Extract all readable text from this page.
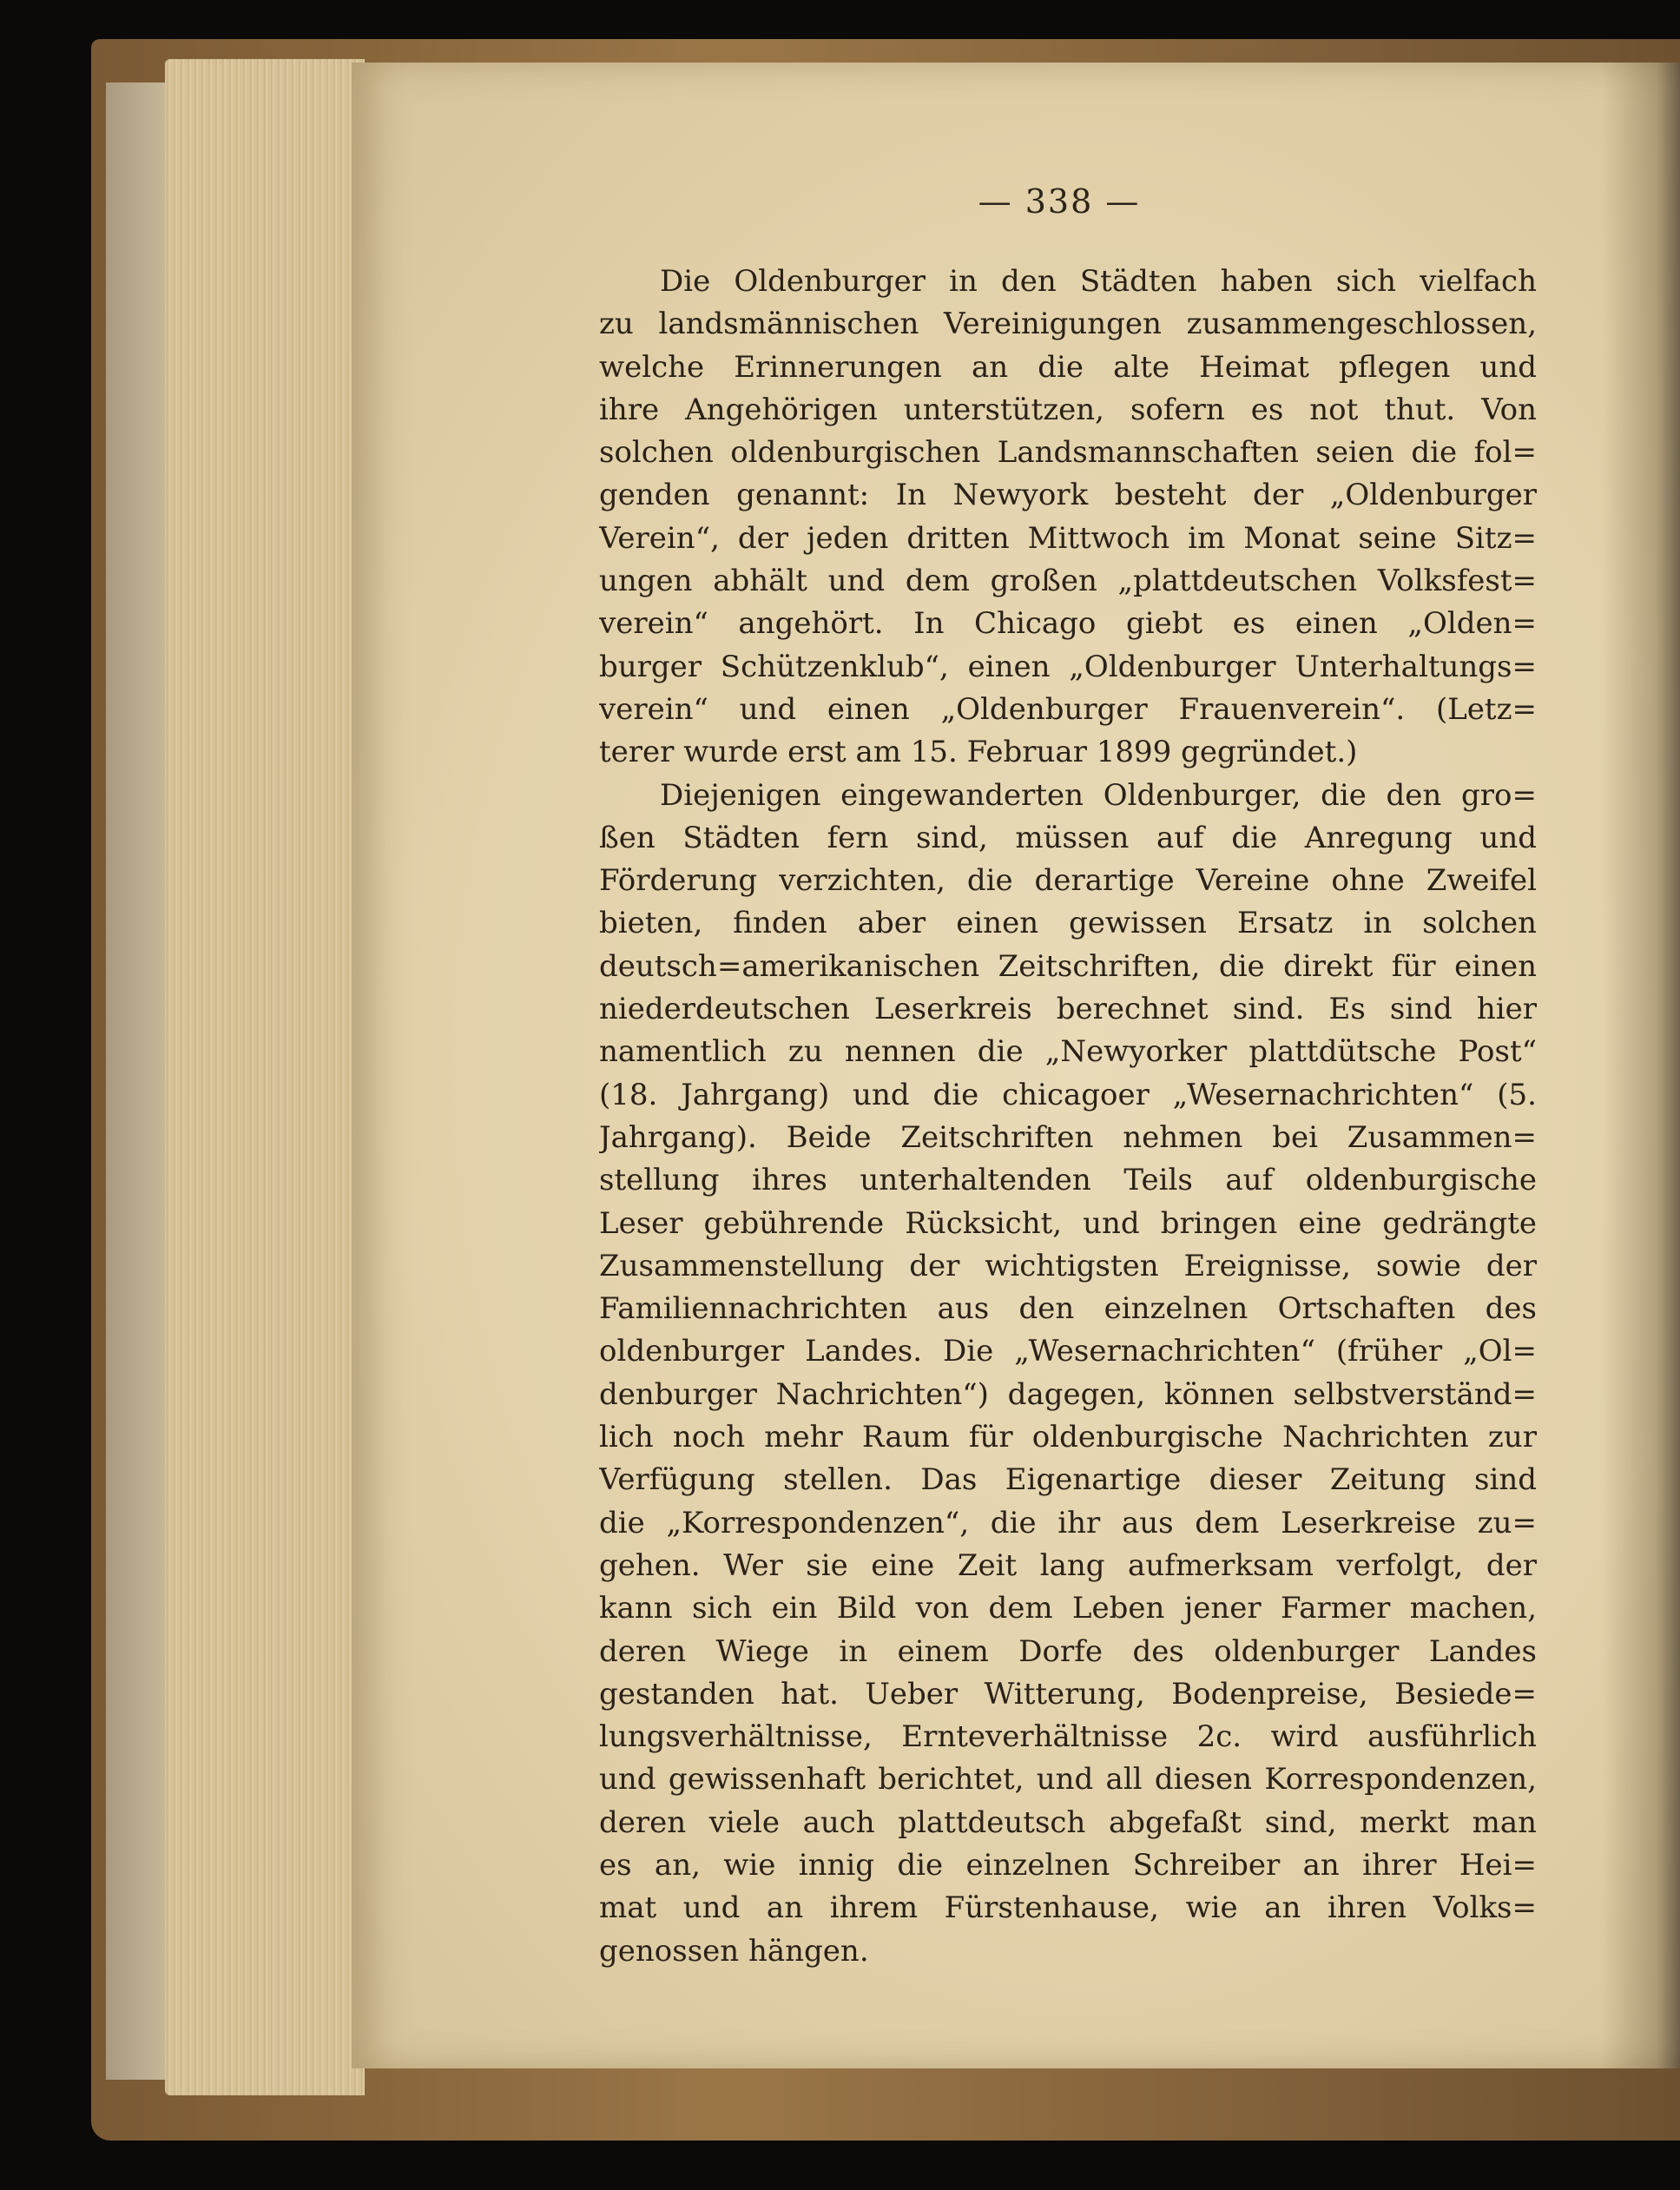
— 338 —
Die Oldenburger in den Städten haben sich vielfach
zu landsmännischen Vereinigungen zusammengeschlossen,
welche Erinnerungen an die alte Heimat pflegen und
ihre Angehörigen unterstützen, sofern es not thut. Von
solchen oldenburgischen Landsmannschaften seien die fol=
genden genannt: In Newyork besteht der „Oldenburger
Verein“, der jeden dritten Mittwoch im Monat seine Sitz=
ungen abhält und dem großen „plattdeutschen Volksfest=
verein“ angehört. In Chicago giebt es einen „Olden=
burger Schützenklub“, einen „Oldenburger Unterhaltungs=
verein“ und einen „Oldenburger Frauenverein“. (Letz=
terer wurde erst am 15. Februar 1899 gegründet.)
Diejenigen eingewanderten Oldenburger, die den gro=
ßen Städten fern sind, müssen auf die Anregung und
Förderung verzichten, die derartige Vereine ohne Zweifel
bieten, finden aber einen gewissen Ersatz in solchen
deutsch=amerikanischen Zeitschriften, die direkt für einen
niederdeutschen Leserkreis berechnet sind. Es sind hier
namentlich zu nennen die „Newyorker plattdütsche Post“
(18. Jahrgang) und die chicagoer „Wesernachrichten“ (5.
Jahrgang). Beide Zeitschriften nehmen bei Zusammen=
stellung ihres unterhaltenden Teils auf oldenburgische
Leser gebührende Rücksicht, und bringen eine gedrängte
Zusammenstellung der wichtigsten Ereignisse, sowie der
Familiennachrichten aus den einzelnen Ortschaften des
oldenburger Landes. Die „Wesernachrichten“ (früher „Ol=
denburger Nachrichten“) dagegen, können selbstverständ=
lich noch mehr Raum für oldenburgische Nachrichten zur
Verfügung stellen. Das Eigenartige dieser Zeitung sind
die „Korrespondenzen“, die ihr aus dem Leserkreise zu=
gehen. Wer sie eine Zeit lang aufmerksam verfolgt, der
kann sich ein Bild von dem Leben jener Farmer machen,
deren Wiege in einem Dorfe des oldenburger Landes
gestanden hat. Ueber Witterung, Bodenpreise, Besiede=
lungsverhältnisse, Ernteverhältnisse 2c. wird ausführlich
und gewissenhaft berichtet, und all diesen Korrespondenzen,
deren viele auch plattdeutsch abgefaßt sind, merkt man
es an, wie innig die einzelnen Schreiber an ihrer Hei=
mat und an ihrem Fürstenhause, wie an ihren Volks=
genossen hängen.
